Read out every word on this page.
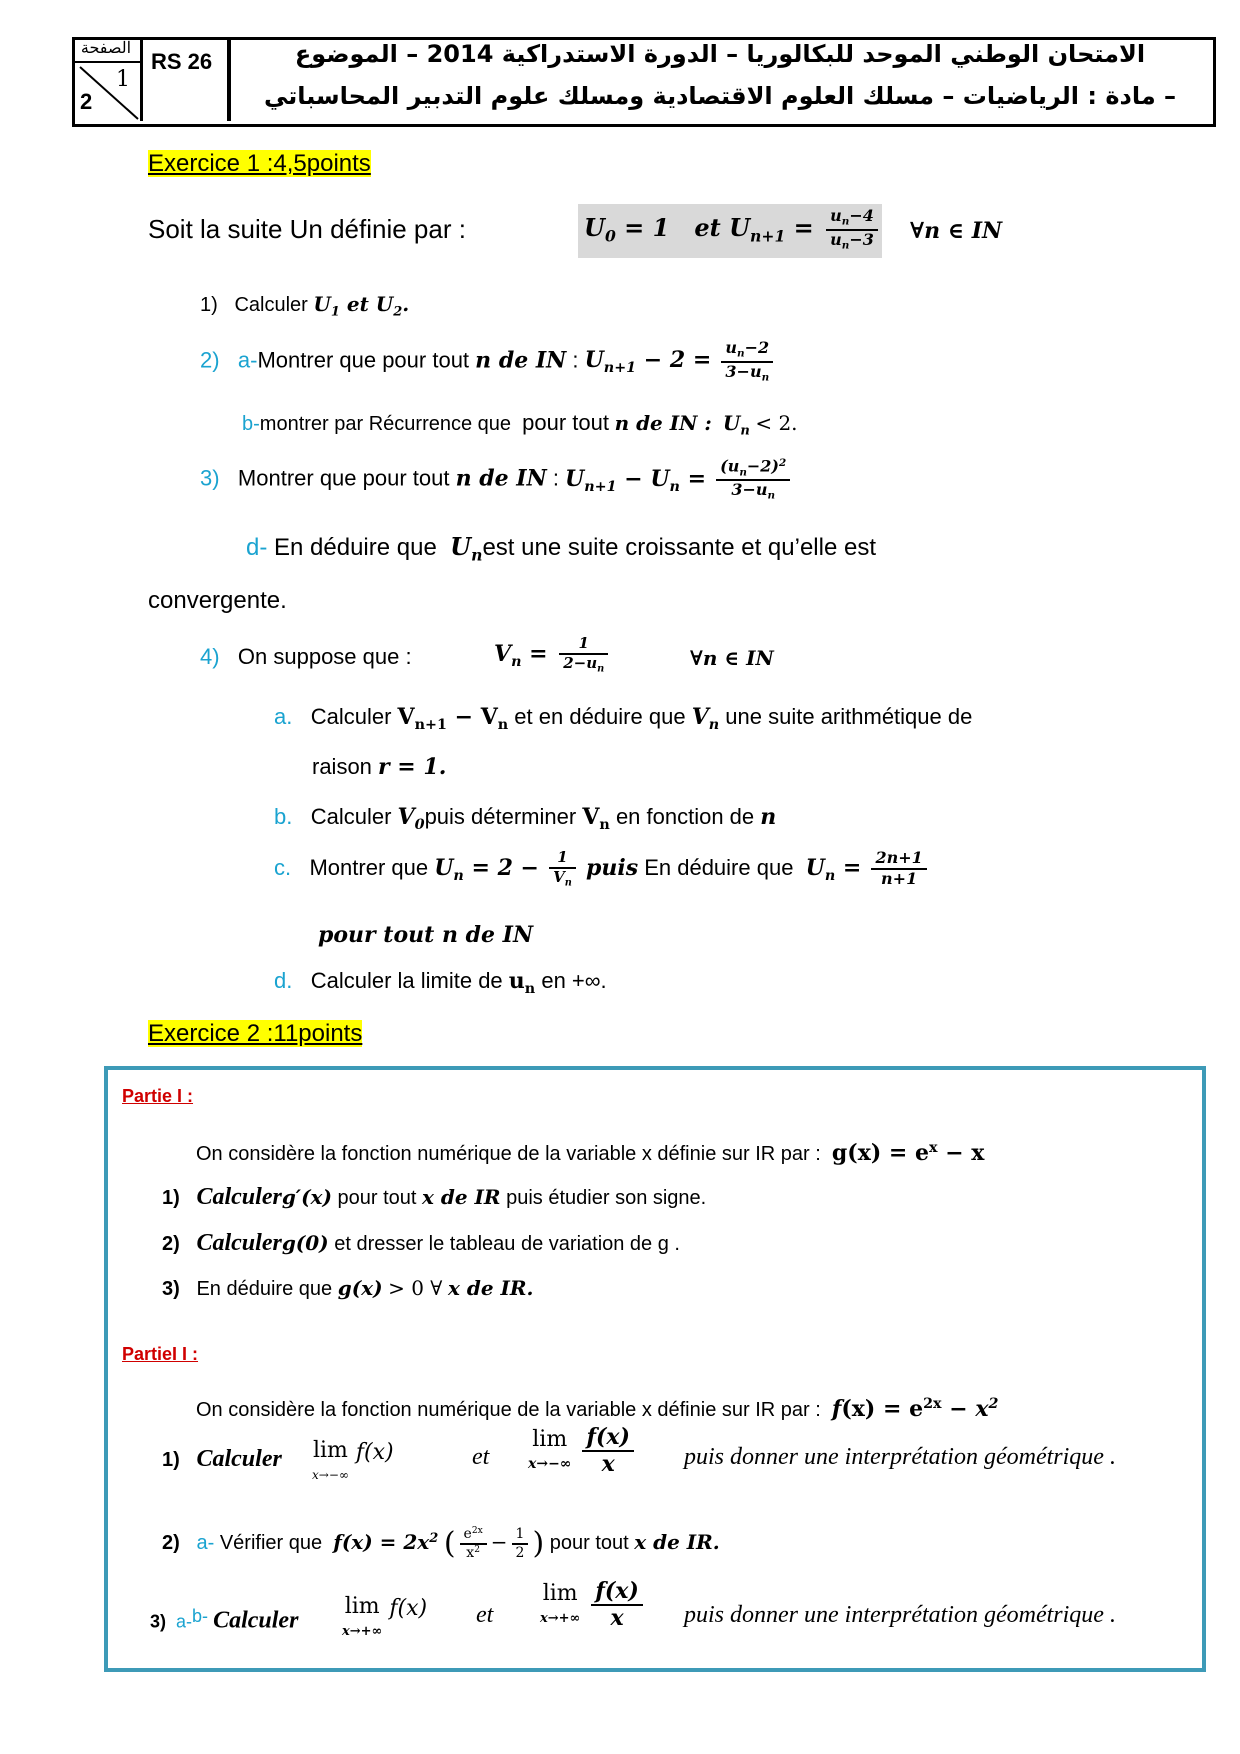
الصفحة
1
2
RS 26	الامتحان الوطني الموحد للبكالوريا – الدورة الاستدراكية 2014 – الموضوع
– مادة : الرياضيات – مسلك العلوم الاقتصادية ومسلك علوم التدبير المحاسباتي
Exercice 1 :4,5points
Soit la suite Un définie par :	$U_0 = 1$   et $U_{n+1} = \frac{u_n-4}{u_n-3}$ ∀n ∈ IN
1) Calculer $U_1$ et $U_2$.
2) a-Montrer que pour tout n de IN : $U_{n+1} - 2 = \frac{u_n-2}{3-u_n}$
b-montrer par Récurrence que pour tout n de IN : $U_n < 2$.
3) Montrer que pour tout n de IN : $U_{n+1} - U_n = \frac{(u_n-2)^2}{3-u_n}$
d- En déduire que $U_nest$ une suite croissante et qu’elle est
convergente.
4) On suppose que :	$V_n = \frac{1}{2-u_n}$	∀n ∈ IN
a. Calculer $V_{n+1} - V_n$ et en déduire que $V_n$ une suite arithmétique de
raison r = 1.
b. Calculer $V_0puis$ déterminer $V_n$ en fonction de n
c. Montrer que $U_n = 2 - \frac{1}{V_n}$ puis En déduire que $U_n = \frac{2n+1}{n+1}$
pour tout n de IN
d. Calculer la limite de $u_n$ en +∞.
Exercice 2 :11points
Partie I :
On considère la fonction numérique de la variable x définie sur IR par : $g(x) = e^x - x$
1) Calculerg′(x) pour tout x de IR puis étudier son signe.
2) Calculerg(0) et dresser le tableau de variation de g .
3) En déduire que g(x) > 0 ∀ x de IR.
PartieI I :
On considère la fonction numérique de la variable x définie sur IR par : $f(x) = e^{2x} - x^2$
1) Calculer lim
x→−∞ f(x)	et
lim
$x\to-\infty \frac{f(x)}{x}$ puis donner une interprétation géométrique .
2) a- Vérifier que $f(x) = 2x^2$ ( $\frac{e^{2x}}{x^2} - \frac{1}{2}$ ) pour tout x de IR.
3) a-b- Calculer
lim
x→+∞ f(x) et
lim
$x\to+\infty \frac{f(x)}{x}$ puis donner une interprétation géométrique .
